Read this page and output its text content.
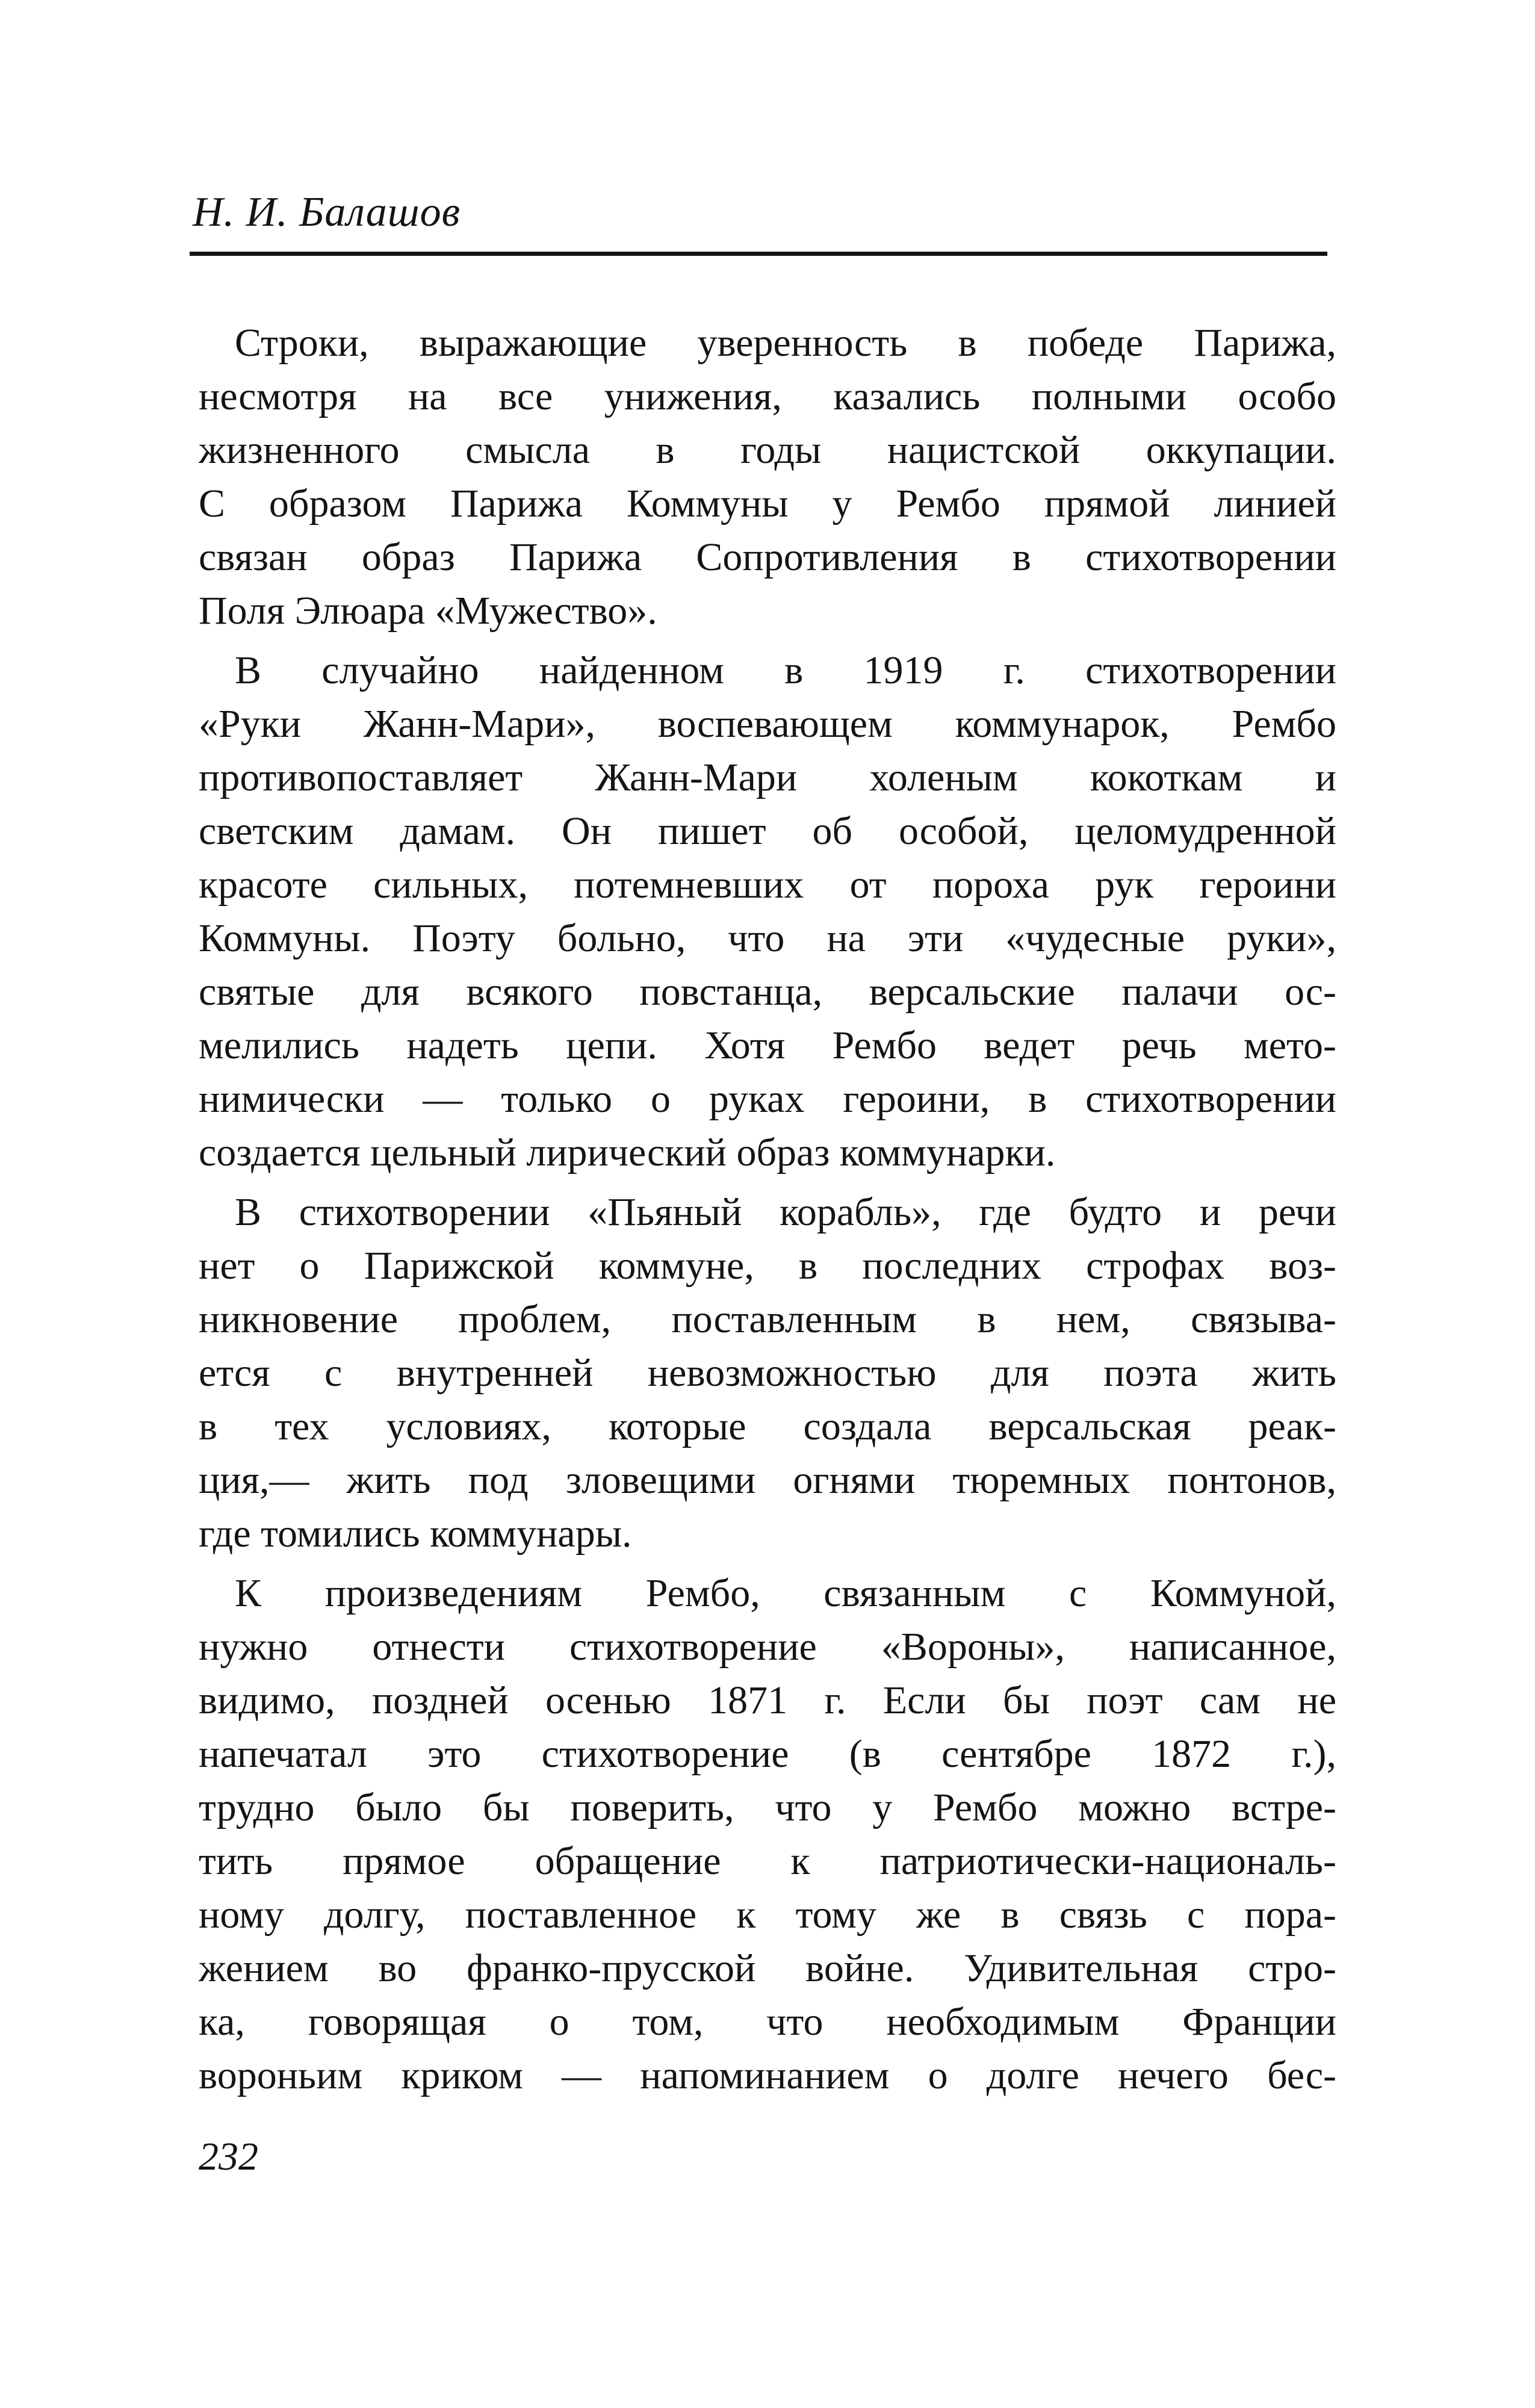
Н. И. Балашов
Строки, выражающие уверенность в победе Парижа,
несмотря на все унижения, казались полными особо
жизненного смысла в годы нацистской оккупации.
С образом Парижа Коммуны у Рембо прямой линией
связан образ Парижа Сопротивления в стихотворении
Поля Элюара «Мужество».
В случайно найденном в 1919 г. стихотворении
«Руки Жанн-Мари», воспевающем коммунарок, Рембо
противопоставляет Жанн-Мари холеным кокоткам и
светским дамам. Он пишет об особой, целомудренной
красоте сильных, потемневших от пороха рук героини
Коммуны. Поэту больно, что на эти «чудесные руки»,
святые для всякого повстанца, версальские палачи ос-
мелились надеть цепи. Хотя Рембо ведет речь мето-
нимически — только о руках героини, в стихотворении
создается цельный лирический образ коммунарки.
В стихотворении «Пьяный корабль», где будто и речи
нет о Парижской коммуне, в последних строфах воз-
никновение проблем, поставленным в нем, связыва-
ется с внутренней невозможностью для поэта жить
в тех условиях, которые создала версальская реак-
ция,— жить под зловещими огнями тюремных понтонов,
где томились коммунары.
К произведениям Рембо, связанным с Коммуной,
нужно отнести стихотворение «Вороны», написанное,
видимо, поздней осенью 1871 г. Если бы поэт сам не
напечатал это стихотворение (в сентябре 1872 г.),
трудно было бы поверить, что у Рембо можно встре-
тить прямое обращение к патриотически-националь-
ному долгу, поставленное к тому же в связь с пора-
жением во франко-прусской войне. Удивительная стро-
ка, говорящая о том, что необходимым Франции
вороньим криком — напоминанием о долге нечего бес-
232
